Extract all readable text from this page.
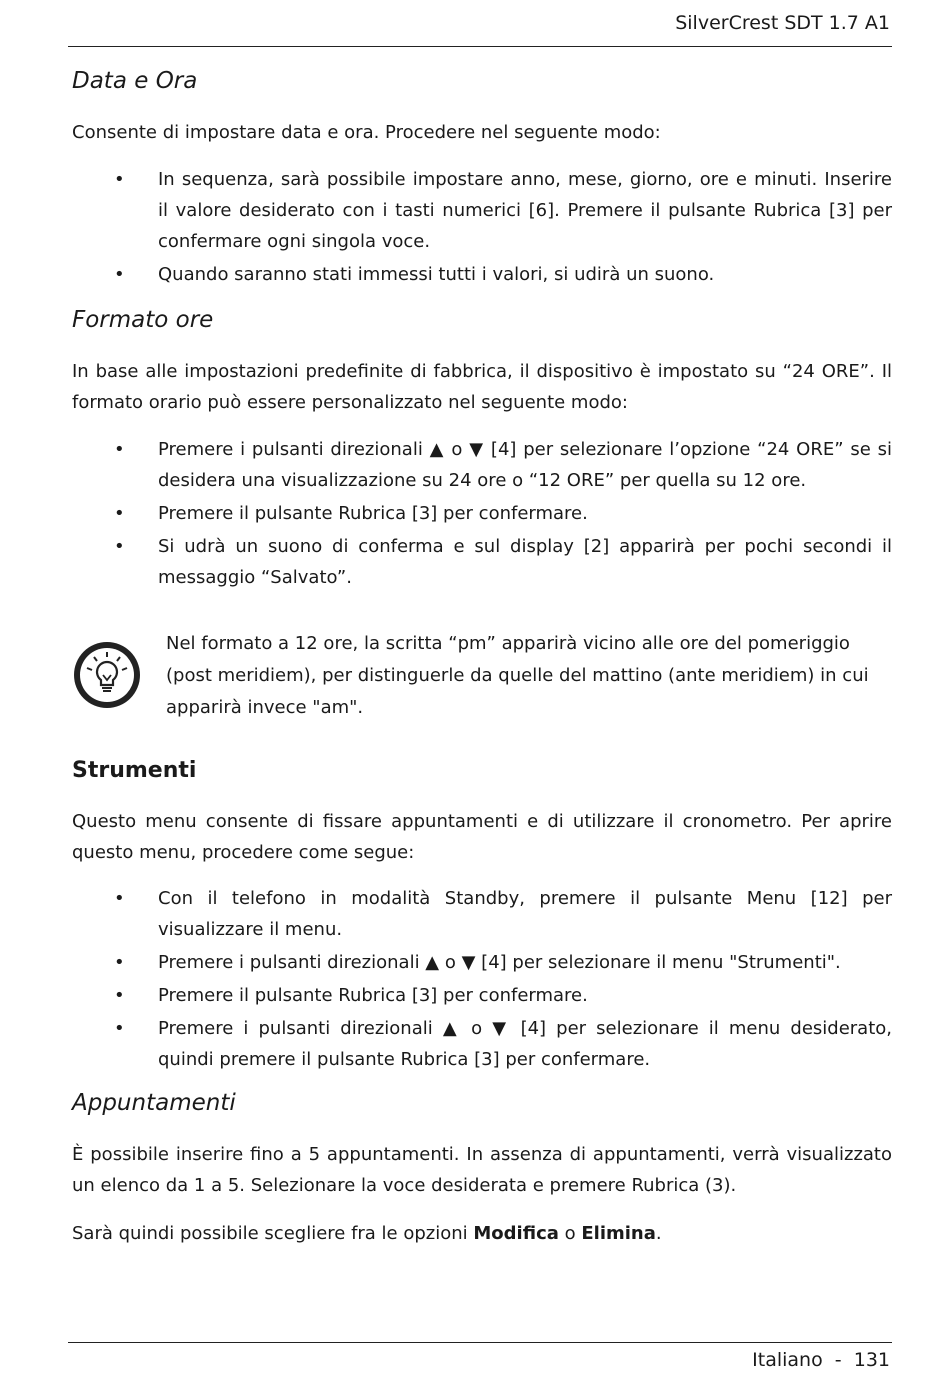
SilverCrest SDT 1.7 A1
Data e Ora

Consente di impostare data e ora. Procedere nel seguente modo:

• In sequenza, sarà possibile impostare anno, mese, giorno, ore e minuti. Inserire il valore desiderato con i tasti numerici [6]. Premere il pulsante Rubrica [3] per confermare ogni singola voce.
• Quando saranno stati immessi tutti i valori, si udirà un suono.
Formato ore

In base alle impostazioni predefinite di fabbrica, il dispositivo è impostato su “24 ORE”. Il formato orario può essere personalizzato nel seguente modo:

• Premere i pulsanti direzionali ▲ o ▼ [4] per selezionare l’opzione “24 ORE” se si desidera una visualizzazione su 24 ore o “12 ORE” per quella su 12 ore.
• Premere il pulsante Rubrica [3] per confermare.
• Si udrà un suono di conferma e sul display [2] apparirà per pochi secondi il messaggio “Salvato”.
Nel formato a 12 ore, la scritta “pm” apparirà vicino alle ore del pomeriggio (post meridiem), per distinguerle da quelle del mattino (ante meridiem) in cui apparirà invece "am".
Strumenti

Questo menu consente di fissare appuntamenti e di utilizzare il cronometro. Per aprire questo menu, procedere come segue:

• Con il telefono in modalità Standby, premere il pulsante Menu [12] per visualizzare il menu.
• Premere i pulsanti direzionali ▲ o ▼ [4] per selezionare il menu "Strumenti".
• Premere il pulsante Rubrica [3] per confermare.
• Premere i pulsanti direzionali ▲ o ▼ [4] per selezionare il menu desiderato, quindi premere il pulsante Rubrica [3] per confermare.
Appuntamenti

È possibile inserire fino a 5 appuntamenti. In assenza di appuntamenti, verrà visualizzato un elenco da 1 a 5. Selezionare la voce desiderata e premere Rubrica (3).

Sarà quindi possibile scegliere fra le opzioni Modifica o Elimina.

Italiano  -  131
